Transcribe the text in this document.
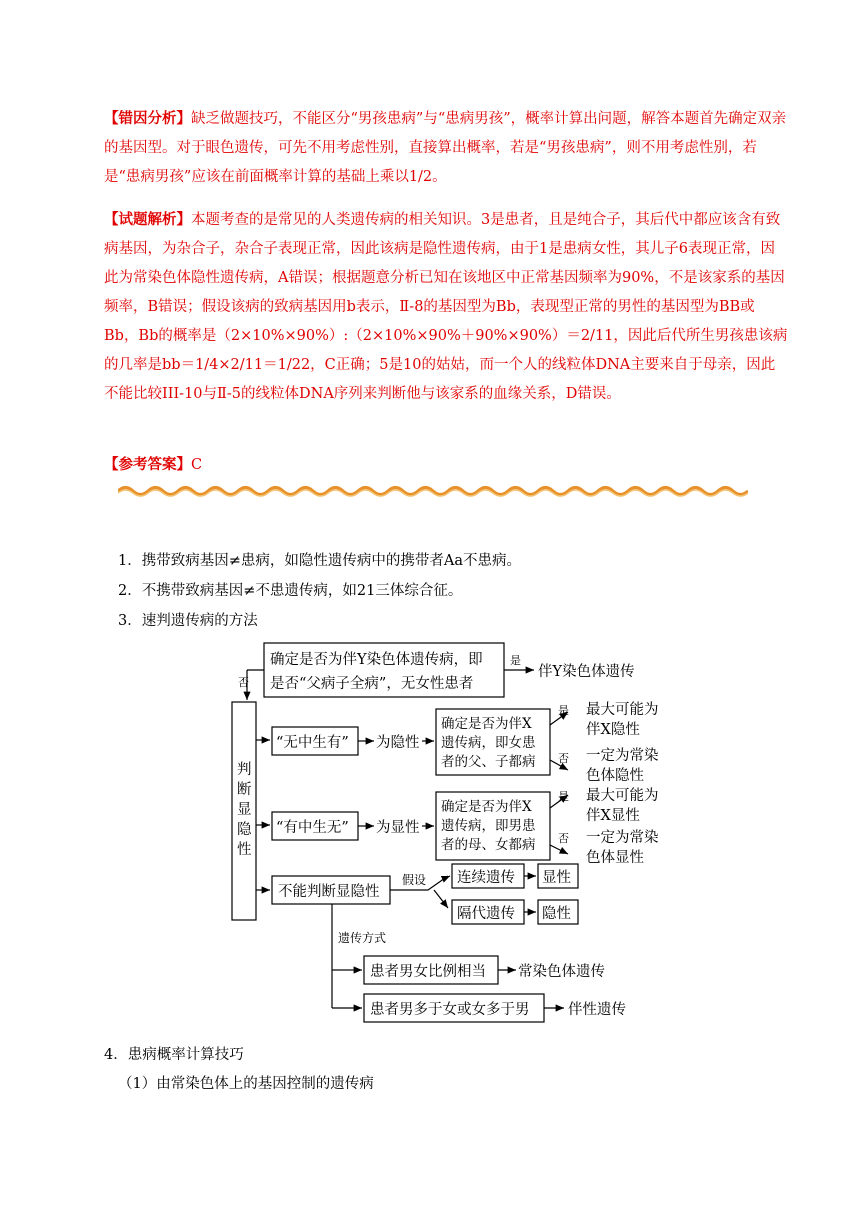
【错因分析】缺乏做题技巧，不能区分“男孩患病”与“患病男孩”，概率计算出问题，解答本题首先确定双亲的基因型。对于眼色遗传，可先不用考虑性别，直接算出概率，若是“男孩患病”，则不用考虑性别，若是“患病男孩”应该在前面概率计算的基础上乘以1/2。
【试题解析】本题考查的是常见的人类遗传病的相关知识。3是患者，且是纯合子，其后代中都应该含有致病基因，为杂合子，杂合子表现正常，因此该病是隐性遗传病，由于1是患病女性，其儿子6表现正常，因此为常染色体隐性遗传病，A错误；根据题意分析已知在该地区中正常基因频率为90%，不是该家系的基因频率，B错误；假设该病的致病基因用b表示，Ⅱ-8的基因型为Bb，表现型正常的男性的基因型为BB或Bb，Bb的概率是（2×10%×90%）:（2×10%×90%＋90%×90%）＝2/11，因此后代所生男孩患该病的几率是bb＝1/4×2/11＝1/22，C正确；5是10的姑姑，而一个人的线粒体DNA主要来自于母亲，因此不能比较III-10与Ⅱ-5的线粒体DNA序列来判断他与该家系的血缘关系，D错误。
【参考答案】C
1．携带致病基因≠患病，如隐性遗传病中的携带者Aa不患病。
2．不携带致病基因≠不患遗传病，如21三体综合征。
3．速判遗传病的方法
确定是否为伴Y染色体遗传病，即
是否“父病子全病”，无女性患者
是
伴Y染色体遗传
否
判
断
显
隐
性
“无中生有” 为隐性
确定是否为伴X
遗传病，即女患
者的父、子都病
是
否
最大可能为
伴X隐性
一定为常染
色体隐性
“有中生无” 为显性
确定是否为伴X
遗传病，即男患
者的母、女都病
是
否
最大可能为
伴X显性
一定为常染
色体显性
不能判断显隐性
假设 连续遗传 显性
隔代遗传 隐性
遗传方式
患者男女比例相当 常染色体遗传
患者男多于女或女多于男	伴性遗传
4．患病概率计算技巧
（1）由常染色体上的基因控制的遗传病
